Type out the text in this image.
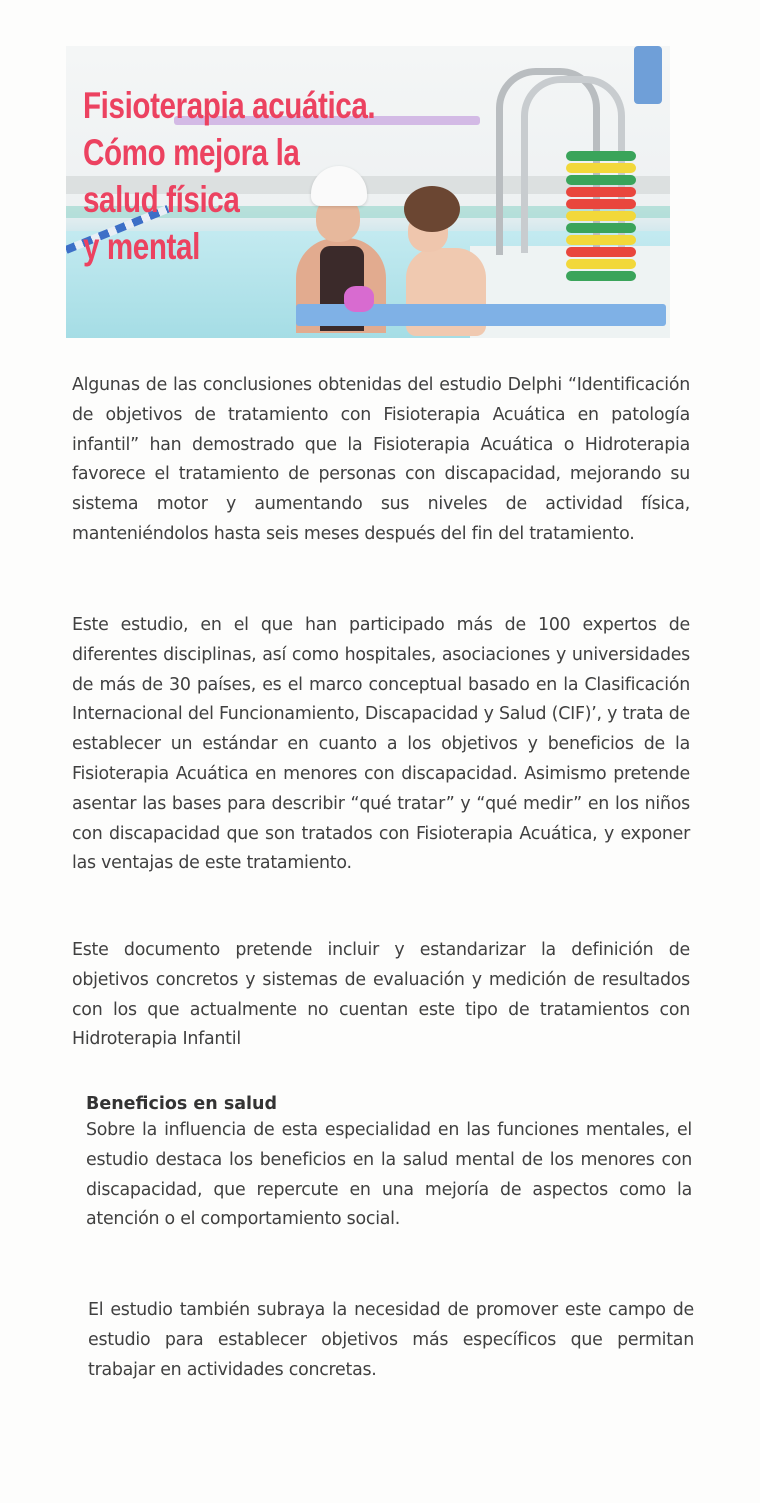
Fisioterapia acuática.
Cómo mejora la
salud física
y mental

Algunas de las conclusiones obtenidas del estudio Delphi “Identificación de objetivos de tratamiento con Fisioterapia Acuática en patología infantil” han demostrado que la Fisioterapia Acuática o Hidroterapia favorece el tratamiento de personas con discapacidad, mejorando su sistema motor y aumentando sus niveles de actividad física, manteniéndolos hasta seis meses después del fin del tratamiento.

Este estudio, en el que han participado más de 100 expertos de diferentes disciplinas, así como hospitales, asociaciones y universidades de más de 30 países, es el marco conceptual basado en la Clasificación Internacional del Funcionamiento, Discapacidad y Salud (CIF)’, y trata de establecer un estándar en cuanto a los objetivos y beneficios de la Fisioterapia Acuática en menores con discapacidad. Asimismo pretende asentar las bases para describir “qué tratar” y “qué medir” en los niños con discapacidad que son tratados con Fisioterapia Acuática, y exponer las ventajas de este tratamiento.

Este documento pretende incluir y estandarizar la definición de objetivos concretos y sistemas de evaluación y medición de resultados con los que actualmente no cuentan este tipo de tratamientos con Hidroterapia Infantil

Beneficios en salud

Sobre la influencia de esta especialidad en las funciones mentales, el estudio destaca los beneficios en la salud mental de los menores con discapacidad, que repercute en una mejoría de aspectos como la atención o el comportamiento social.

El estudio también subraya la necesidad de promover este campo de estudio para establecer objetivos más específicos que permitan trabajar en actividades concretas.
